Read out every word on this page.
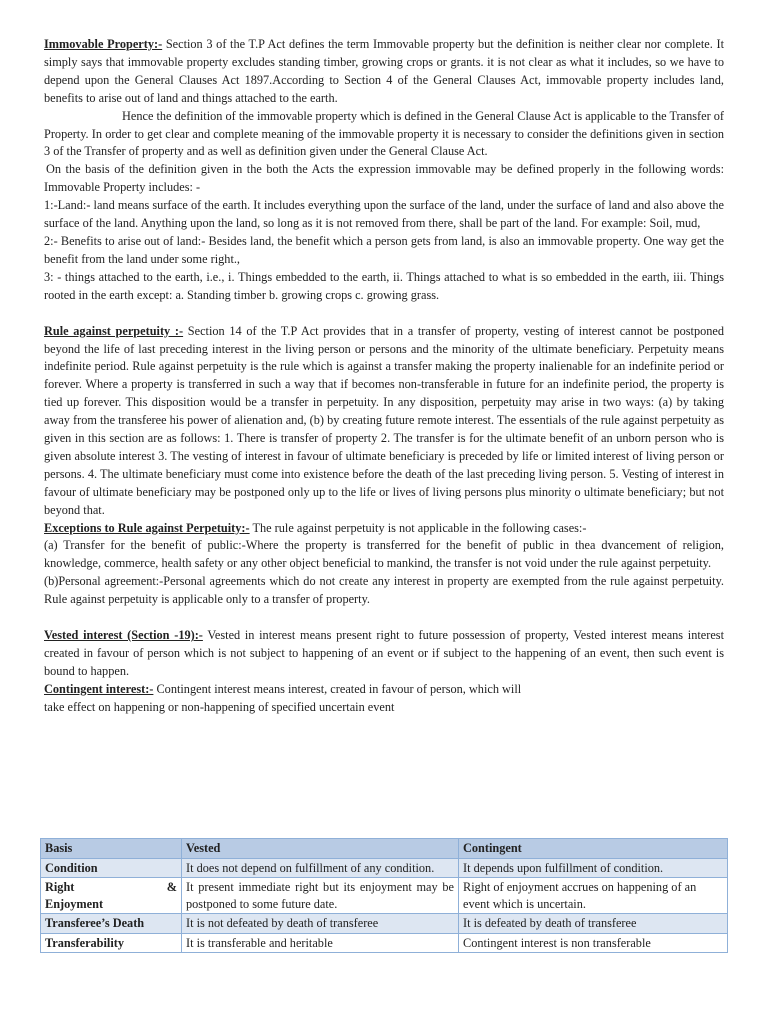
Immovable Property:- Section 3 of the T.P Act defines the term Immovable property but the definition is neither clear nor complete. It simply says that immovable property excludes standing timber, growing crops or grants. it is not clear as what it includes, so we have to depend upon the General Clauses Act 1897.According to Section 4 of the General Clauses Act, immovable property includes land, benefits to arise out of land and things attached to the earth.

Hence the definition of the immovable property which is defined in the General Clause Act is applicable to the Transfer of Property. In order to get clear and complete meaning of the immovable property it is necessary to consider the definitions given in section 3 of the Transfer of property and as well as definition given under the General Clause Act.

On the basis of the definition given in the both the Acts the expression immovable may be defined properly in the following words: Immovable Property includes: -

1:-Land:- land means surface of the earth. It includes everything upon the surface of the land, under the surface of land and also above the surface of the land. Anything upon the land, so long as it is not removed from there, shall be part of the land. For example: Soil, mud,

2:- Benefits to arise out of land:- Besides land, the benefit which a person gets from land, is also an immovable property. One way get the benefit from the land under some right.,

3: - things attached to the earth, i.e., i. Things embedded to the earth, ii. Things attached to what is so embedded in the earth, iii. Things rooted in the earth except: a. Standing timber b. growing crops c. growing grass.

Rule against perpetuity :- Section 14 of the T.P Act provides that in a transfer of property, vesting of interest cannot be postponed beyond the life of last preceding interest in the living person or persons and the minority of the ultimate beneficiary. Perpetuity means indefinite period. Rule against perpetuity is the rule which is against a transfer making the property inalienable for an indefinite period or forever. Where a property is transferred in such a way that if becomes non-transferable in future for an indefinite period, the property is tied up forever. This disposition would be a transfer in perpetuity. In any disposition, perpetuity may arise in two ways: (a) by taking away from the transferee his power of alienation and, (b) by creating future remote interest. The essentials of the rule against perpetuity as given in this section are as follows: 1. There is transfer of property 2. The transfer is for the ultimate benefit of an unborn person who is given absolute interest 3. The vesting of interest in favour of ultimate beneficiary is preceded by life or limited interest of living person or persons. 4. The ultimate beneficiary must come into existence before the death of the last preceding living person. 5. Vesting of interest in favour of ultimate beneficiary may be postponed only up to the life or lives of living persons plus minority o ultimate beneficiary; but not beyond that.

Exceptions to Rule against Perpetuity:- The rule against perpetuity is not applicable in the following cases:-

(a) Transfer for the benefit of public:-Where the property is transferred for the benefit of public in thea dvancement of religion, knowledge, commerce, health safety or any other object beneficial to mankind, the transfer is not void under the rule against perpetuity.

(b)Personal agreement:-Personal agreements which do not create any interest in property are exempted from the rule against perpetuity. Rule against perpetuity is applicable only to a transfer of property.

Vested interest (Section -19):- Vested in interest means present right to future possession of property, Vested interest means interest created in favour of person which is not subject to happening of an event or if subject to the happening of an event, then such event is bound to happen.

Contingent interest:- Contingent interest means interest, created in favour of person, which will
take effect on happening or non-happening of specified uncertain event

Basis	Vested	Contingent
Condition	It does not depend on fulfillment of any condition.	It depends upon fulfillment of condition.

Right &
Enjoyment	It present immediate right but its enjoyment may be postponed to some future date.	Right of enjoyment accrues on happening of an event which is uncertain.
Transferee’s Death	It is not defeated by death of transferee	It is defeated by death of transferee
Transferability	It is transferable and heritable	Contingent interest is non transferable
